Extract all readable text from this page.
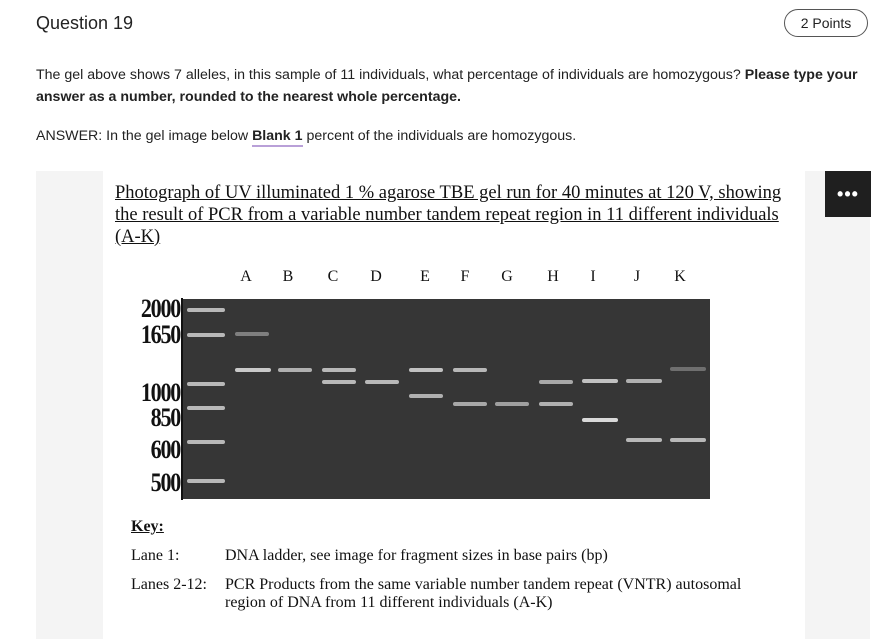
Question 19	2 Points
The gel above shows 7 alleles, in this sample of 11 individuals, what percentage of individuals are homozygous? Please type your answer as a number, rounded to the nearest whole percentage.
ANSWER: In the gel image below Blank 1 percent of the individuals are homozygous.
•••
Photograph of UV illuminated 1 % agarose TBE gel run for 40 minutes at 120 V, showing the result of PCR from a variable number tandem repeat region in 11 different individuals (A-K)
A B C D E F G H I J K
2000
1650
1000
850
600
500
Key:
Lane 1:	DNA ladder, see image for fragment sizes in base pairs (bp)
Lanes 2-12: PCR Products from the same variable number tandem repeat (VNTR) autosomal region of DNA from 11 different individuals (A-K)
